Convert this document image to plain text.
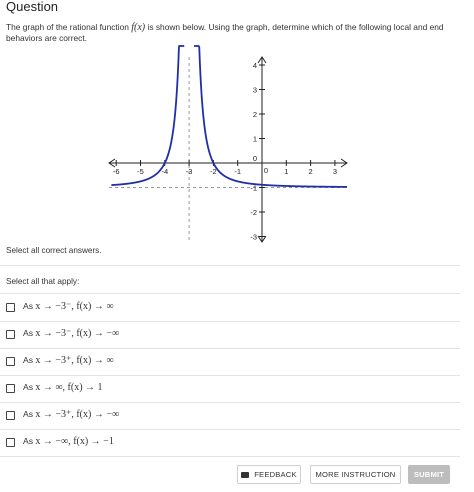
Question
The graph of the rational function f(x) is shown below. Using the graph, determine which of the following local and end behaviors are correct.
-6 -5 -4 -3 -2 -1	0 1	2	3
4
3
2
1
0
-1
-2
-3
Select all correct answers.
Select all that apply:
As x → −3⁻, f(x) → ∞
As x → −3⁻, f(x) → −∞
As x → −3⁺, f(x) → ∞
As x → ∞, f(x) → 1
As x → −3⁺, f(x) → −∞
As x → −∞, f(x) → −1
FEEDBACK	MORE INSTRUCTION	SUBMIT
